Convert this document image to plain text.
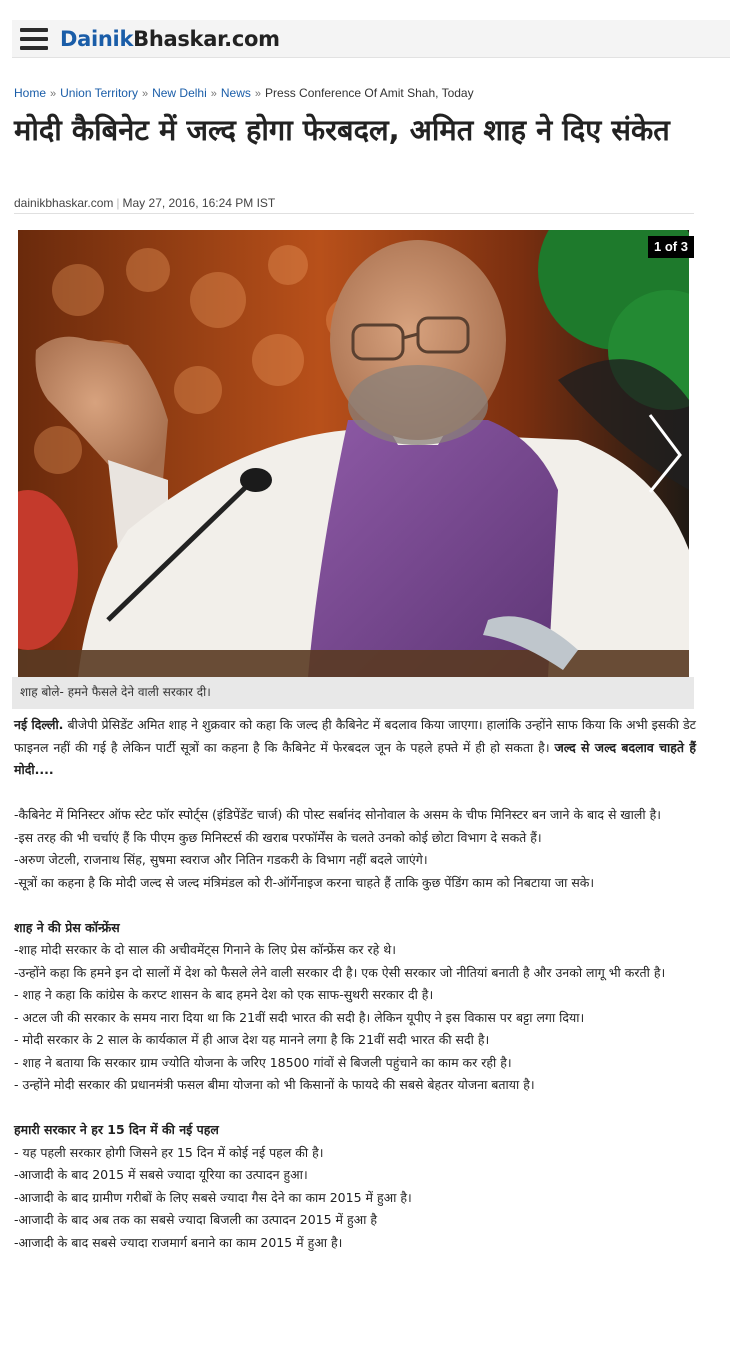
DainikBhaskar.com
Home » Union Territory » New Delhi » News » Press Conference Of Amit Shah, Today
मोदी कैबिनेट में जल्द होगा फेरबदल, अमित शाह ने दिए संकेत
dainikbhaskar.com | May 27, 2016, 16:24 PM IST
1 of 3
शाह बोले- हमने फैसले देने वाली सरकार दी।

नई दिल्ली. बीजेपी प्रेसिडेंट अमित शाह ने शुक्रवार को कहा कि जल्द ही कैबिनेट में बदलाव किया जाएगा। हालांकि उन्होंने साफ किया कि अभी इसकी डेट फाइनल नहीं की गई है लेकिन पार्टी सूत्रों का कहना है कि कैबिनेट में फेरबदल जून के पहले हफ्ते में ही हो सकता है। जल्द से जल्द बदलाव चाहते हैं मोदी....

-कैबिनेट में मिनिस्टर ऑफ स्टेट फॉर स्पोर्ट्स (इंडिपेंडेंट चार्ज) की पोस्ट सर्बानंद सोनोवाल के असम के चीफ मिनिस्टर बन जाने के बाद से खाली है।

-इस तरह की भी चर्चाएं हैं कि पीएम कुछ मिनिस्टर्स की खराब परफॉर्मेंस के चलते उनको कोई छोटा विभाग दे सकते हैं।

-अरुण जेटली, राजनाथ सिंह, सुषमा स्वराज और नितिन गडकरी के विभाग नहीं बदले जाएंगे।

-सूत्रों का कहना है कि मोदी जल्द से जल्द मंत्रिमंडल को री-ऑर्गेनाइज करना चाहते हैं ताकि कुछ पेंडिंग काम को निबटाया जा सके।

शाह ने की प्रेस कॉन्फ्रेंस

-शाह मोदी सरकार के दो साल की अचीवमेंट्स गिनाने के लिए प्रेस कॉन्फ्रेंस कर रहे थे।

-उन्होंने कहा कि हमने इन दो सालों में देश को फैसले लेने वाली सरकार दी है। एक ऐसी सरकार जो नीतियां बनाती है और उनको लागू भी करती है।

- शाह ने कहा कि कांग्रेस के करप्ट शासन के बाद हमने देश को एक साफ-सुथरी सरकार दी है।

- अटल जी की सरकार के समय नारा दिया था कि 21वीं सदी भारत की सदी है। लेकिन यूपीए ने इस विकास पर बट्टा लगा दिया।

- मोदी सरकार के 2 साल के कार्यकाल में ही आज देश यह मानने लगा है कि 21वीं सदी भारत की सदी है।

- शाह ने बताया कि सरकार ग्राम ज्योति योजना के जरिए 18500 गांवों से बिजली पहुंचाने का काम कर रही है।

- उन्होंने मोदी सरकार की प्रधानमंत्री फसल बीमा योजना को भी किसानों के फायदे की सबसे बेहतर योजना बताया है।

हमारी सरकार ने हर 15 दिन में की नई पहल

- यह पहली सरकार होगी जिसने हर 15 दिन में कोई नई पहल की है।

-आजादी के बाद 2015 में सबसे ज्यादा यूरिया का उत्पादन हुआ।

-आजादी के बाद ग्रामीण गरीबों के लिए सबसे ज्यादा गैस देने का काम 2015 में हुआ है।

-आजादी के बाद अब तक का सबसे ज्यादा बिजली का उत्पादन 2015 में हुआ है

-आजादी के बाद सबसे ज्यादा राजमार्ग बनाने का काम 2015 में हुआ है।
